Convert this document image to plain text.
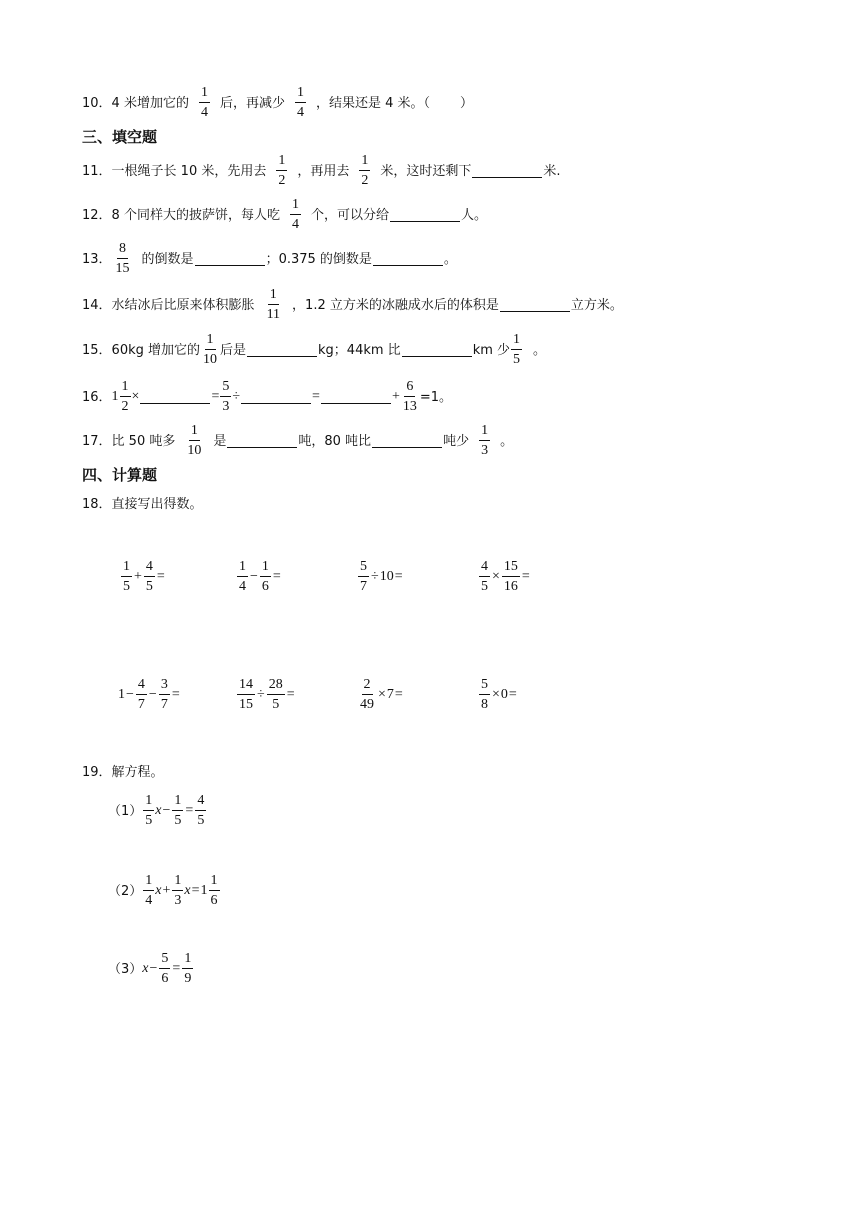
10． 4 米增加它的 $\frac{1}{4}$ 后，再减少 $\frac{1}{4}$ ，结果还是 4 米。（ ）
三、填空题
11． 一根绳子长 10 米，先用去 $\frac{1}{2}$ ，再用去 $\frac{1}{2}$ 米，这时还剩下	米.
12． 8 个同样大的披萨饼，每人吃 $\frac{1}{4}$ 个，可以分给	人。
13． $\frac{8}{15}$ 的倒数是	；0.375 的倒数是	。
14． 水结冰后比原来体积膨胀 $\frac{1}{11}$ ，1.2 立方米的冰融成水后的体积是	立方米。
15． 60kg 增加它的 $\frac{1}{10}$ 后是	kg；44km 比	km 少 $\frac{1}{5}$ 。
16． $1 \frac{1}{2}$ ×	= $\frac{5}{3}$ ÷	=	+ $\frac{6}{13} =1$。
17． 比 50 吨多 $\frac{1}{10}$ 是	吨，80 吨比	吨少 $\frac{1}{3}$ 。
四、计算题
18． 直接写出得数。
$\frac{1}{5} + \frac{4}{5}$ =	$\frac{1}{4} - \frac{1}{6}$ =	$\frac{5}{7} \div 10$ =	$\frac{4}{5} \times \frac{15}{16}$ =
$1 - \frac{4}{7} - \frac{3}{7}$ =	$\frac{14}{15} \div \frac{28}{5}$ =	$\frac{2}{49} \times 7$ =	$\frac{5}{8} \times 0$ =
19． 解方程。
$(1) \frac{1}{5}$ $x - \frac{1}{5} = \frac{4}{5}$
$(2) \frac{1}{4}$ $x + \frac{1}{3}$ $x = 1 \frac{1}{6}$
（3） $x - \frac{5}{6} = \frac{1}{9}$
